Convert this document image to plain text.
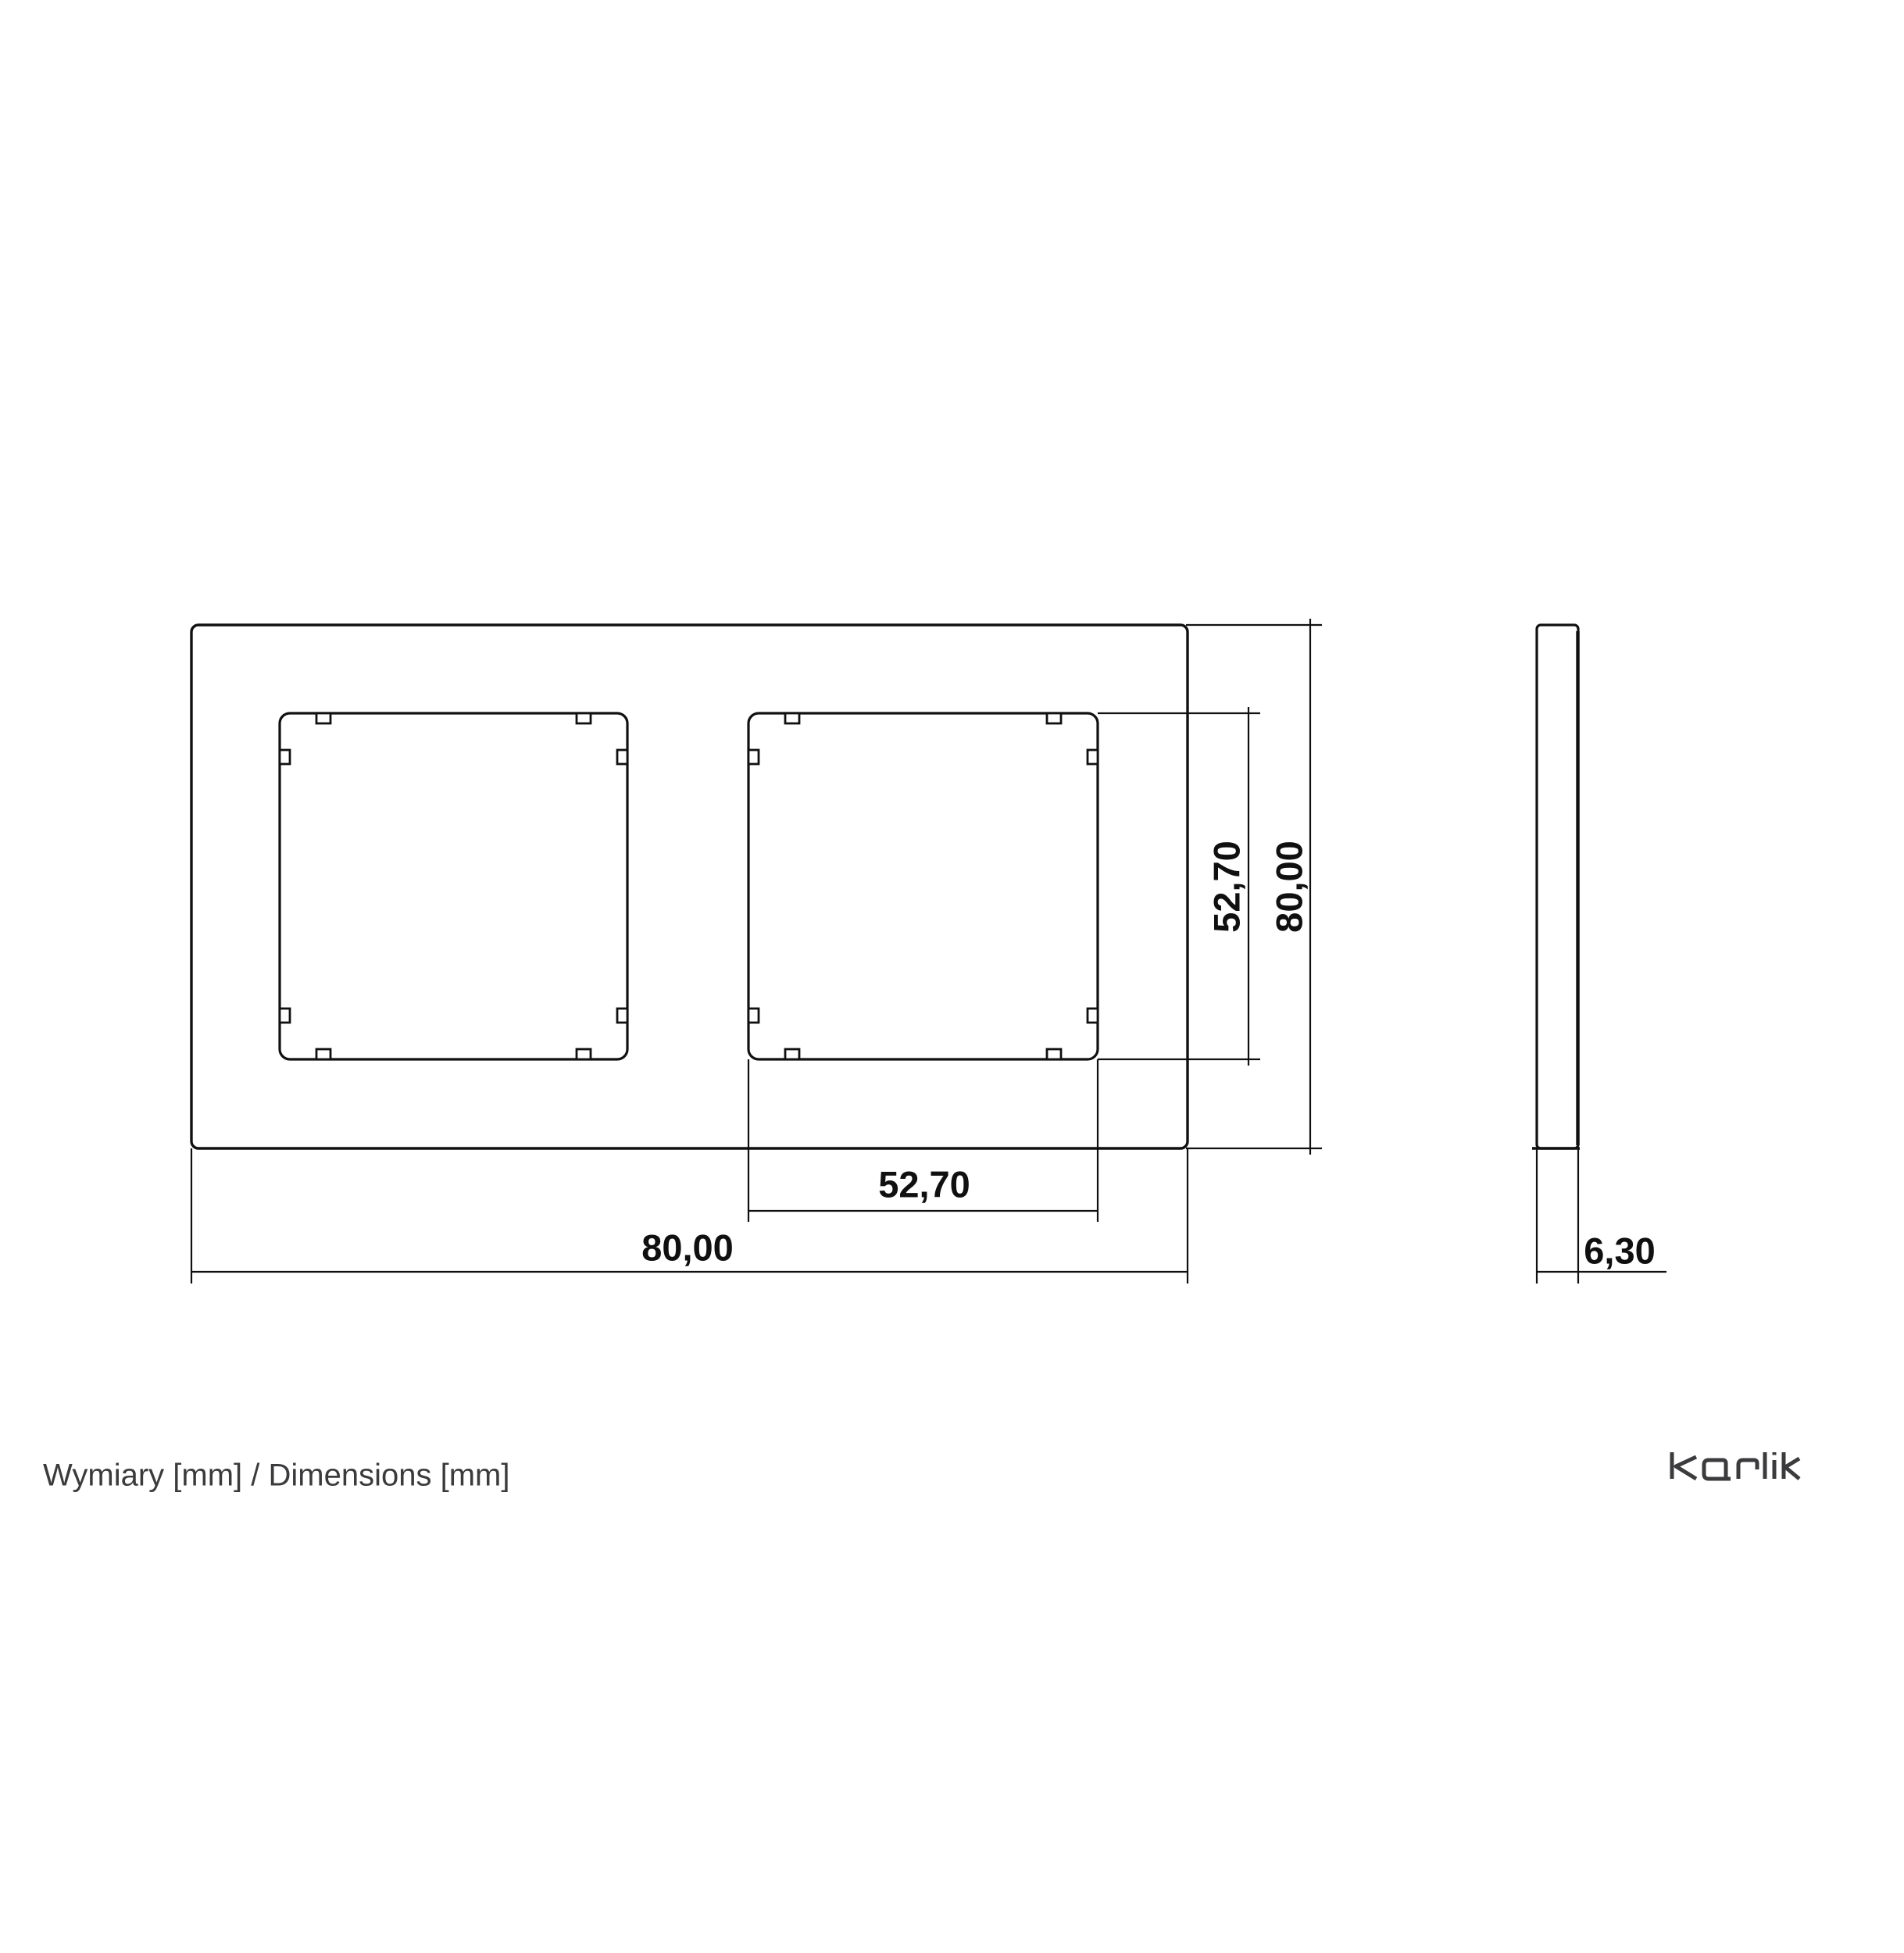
52,70
80,00
52,70 80,00
6,30
Wymiary [mm] / Dimensions [mm]
